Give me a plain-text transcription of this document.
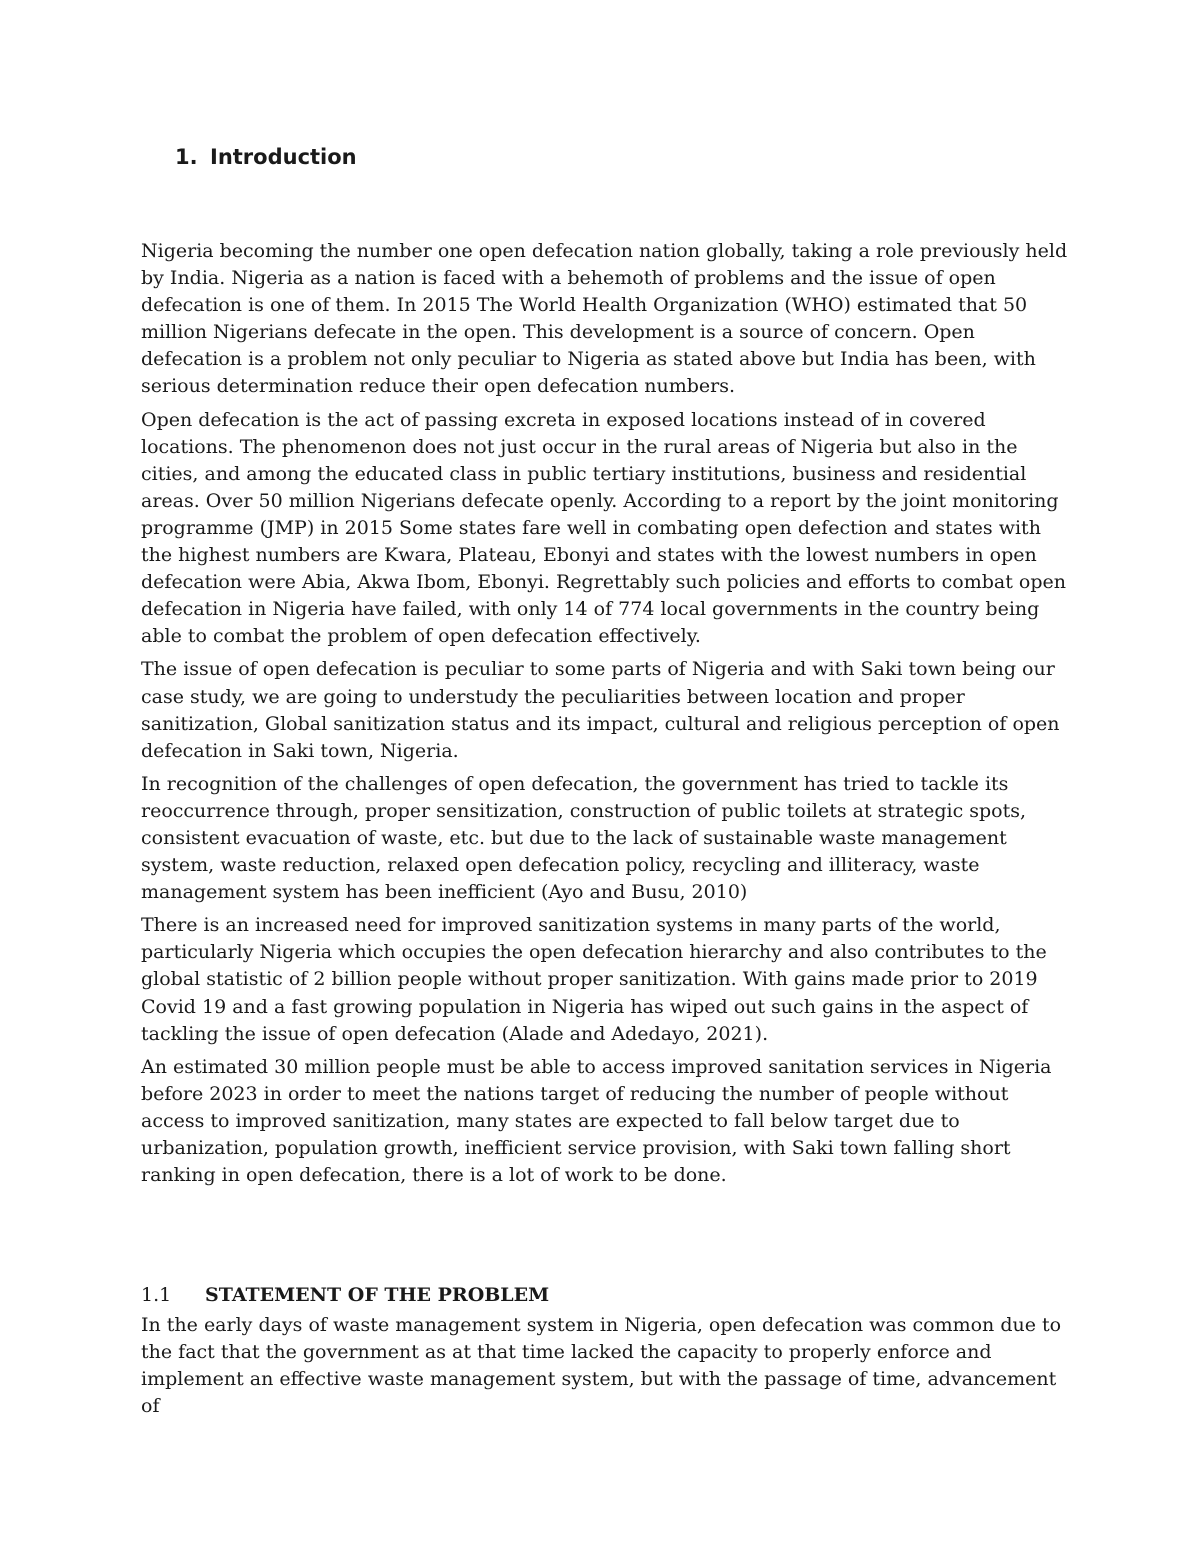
1. Introduction

Nigeria becoming the number one open defecation nation globally, taking a role previously held by India. Nigeria as a nation is faced with a behemoth of problems and the issue of open defecation is one of them. In 2015 The World Health Organization (WHO) estimated that 50 million Nigerians defecate in the open. This development is a source of concern. Open defecation is a problem not only peculiar to Nigeria as stated above but India has been, with serious determination reduce their open defecation numbers.

Open defecation is the act of passing excreta in exposed locations instead of in covered locations. The phenomenon does not just occur in the rural areas of Nigeria but also in the cities, and among the educated class in public tertiary institutions, business and residential areas. Over 50 million Nigerians defecate openly. According to a report by the joint monitoring programme (JMP) in 2015 Some states fare well in combating open defection and states with the highest numbers are Kwara, Plateau, Ebonyi and states with the lowest numbers in open defecation were Abia, Akwa Ibom, Ebonyi. Regrettably such policies and efforts to combat open defecation in Nigeria have failed, with only 14 of 774 local governments in the country being able to combat the problem of open defecation effectively.

The issue of open defecation is peculiar to some parts of Nigeria and with Saki town being our case study, we are going to understudy the peculiarities between location and proper sanitization, Global sanitization status and its impact, cultural and religious perception of open defecation in Saki town, Nigeria.

In recognition of the challenges of open defecation, the government has tried to tackle its reoccurrence through, proper sensitization, construction of public toilets at strategic spots, consistent evacuation of waste, etc. but due to the lack of sustainable waste management system, waste reduction, relaxed open defecation policy, recycling and illiteracy, waste management system has been inefficient (Ayo and Busu, 2010)

There is an increased need for improved sanitization systems in many parts of the world, particularly Nigeria which occupies the open defecation hierarchy and also contributes to the global statistic of 2 billion people without proper sanitization. With gains made prior to 2019 Covid 19 and a fast growing population in Nigeria has wiped out such gains in the aspect of tackling the issue of open defecation (Alade and Adedayo, 2021).

An estimated 30 million people must be able to access improved sanitation services in Nigeria before 2023 in order to meet the nations target of reducing the number of people without access to improved sanitization, many states are expected to fall below target due to urbanization, population growth, inefficient service provision, with Saki town falling short ranking in open defecation, there is a lot of work to be done.

1.1 STATEMENT OF THE PROBLEM

In the early days of waste management system in Nigeria, open defecation was common due to the fact that the government as at that time lacked the capacity to properly enforce and implement an effective waste management system, but with the passage of time, advancement of
